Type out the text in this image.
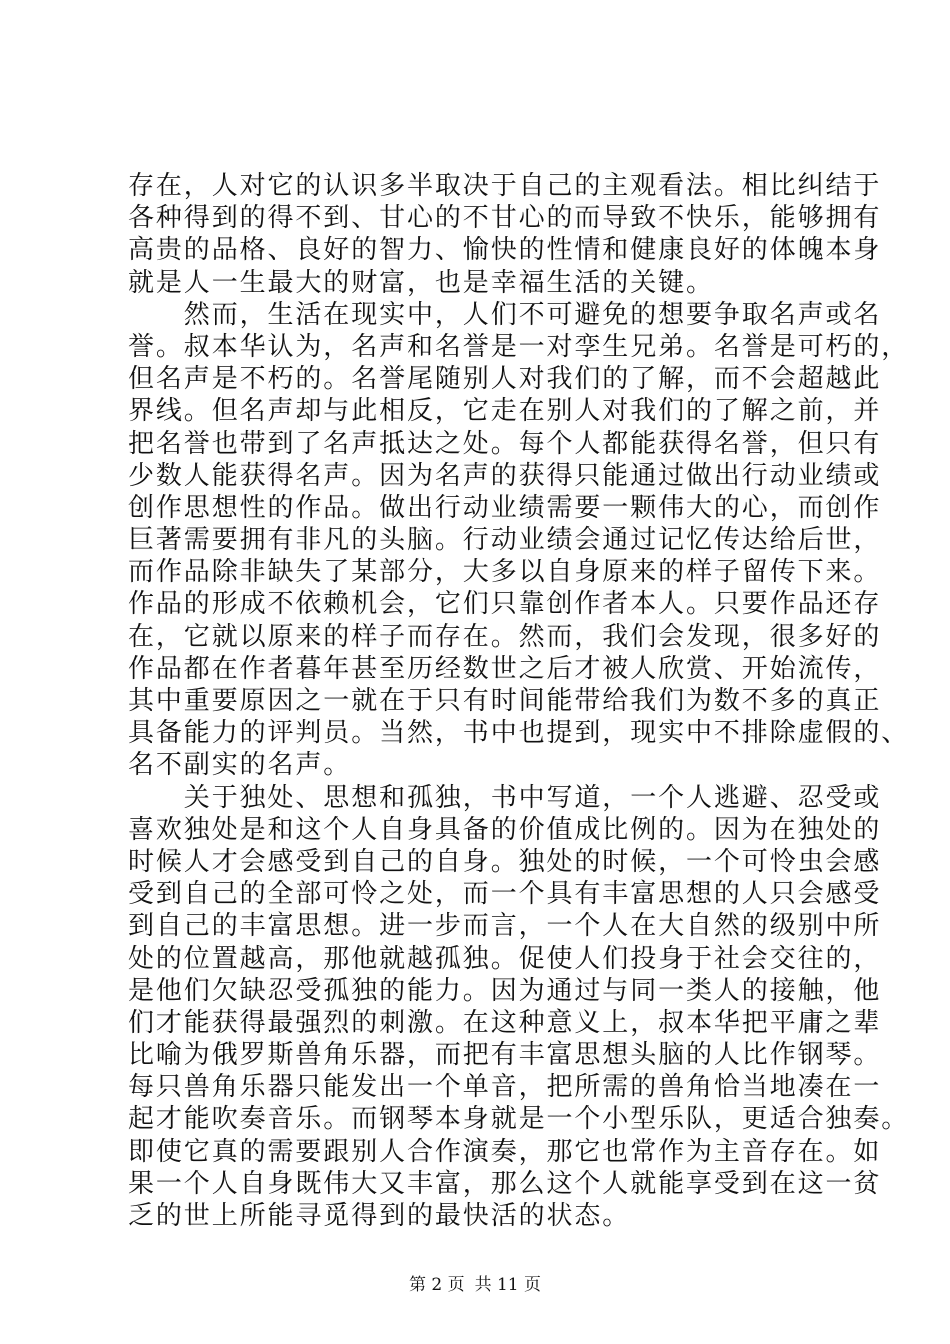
存在，人对它的认识多半取决于自己的主观看法。相比纠结于
各种得到的得不到、甘心的不甘心的而导致不快乐，能够拥有
高贵的品格、良好的智力、愉快的性情和健康良好的体魄本身
就是人一生最大的财富，也是幸福生活的关键。
　　然而，生活在现实中，人们不可避免的想要争取名声或名
誉。叔本华认为，名声和名誉是一对孪生兄弟。名誉是可朽的，
但名声是不朽的。名誉尾随别人对我们的了解，而不会超越此
界线。但名声却与此相反，它走在别人对我们的了解之前，并
把名誉也带到了名声抵达之处。每个人都能获得名誉，但只有
少数人能获得名声。因为名声的获得只能通过做出行动业绩或
创作思想性的作品。做出行动业绩需要一颗伟大的心，而创作
巨著需要拥有非凡的头脑。行动业绩会通过记忆传达给后世，
而作品除非缺失了某部分，大多以自身原来的样子留传下来。
作品的形成不依赖机会，它们只靠创作者本人。只要作品还存
在，它就以原来的样子而存在。然而，我们会发现，很多好的
作品都在作者暮年甚至历经数世之后才被人欣赏、开始流传，
其中重要原因之一就在于只有时间能带给我们为数不多的真正
具备能力的评判员。当然，书中也提到，现实中不排除虚假的、
名不副实的名声。
　　关于独处、思想和孤独，书中写道，一个人逃避、忍受或
喜欢独处是和这个人自身具备的价值成比例的。因为在独处的
时候人才会感受到自己的自身。独处的时候，一个可怜虫会感
受到自己的全部可怜之处，而一个具有丰富思想的人只会感受
到自己的丰富思想。进一步而言，一个人在大自然的级别中所
处的位置越高，那他就越孤独。促使人们投身于社会交往的，
是他们欠缺忍受孤独的能力。因为通过与同一类人的接触，他
们才能获得最强烈的刺激。在这种意义上，叔本华把平庸之辈
比喻为俄罗斯兽角乐器，而把有丰富思想头脑的人比作钢琴。
每只兽角乐器只能发出一个单音，把所需的兽角恰当地凑在一
起才能吹奏音乐。而钢琴本身就是一个小型乐队，更适合独奏。
即使它真的需要跟别人合作演奏，那它也常作为主音存在。如
果一个人自身既伟大又丰富，那么这个人就能享受到在这一贫
乏的世上所能寻觅得到的最快活的状态。
第 2 页 共 11 页
